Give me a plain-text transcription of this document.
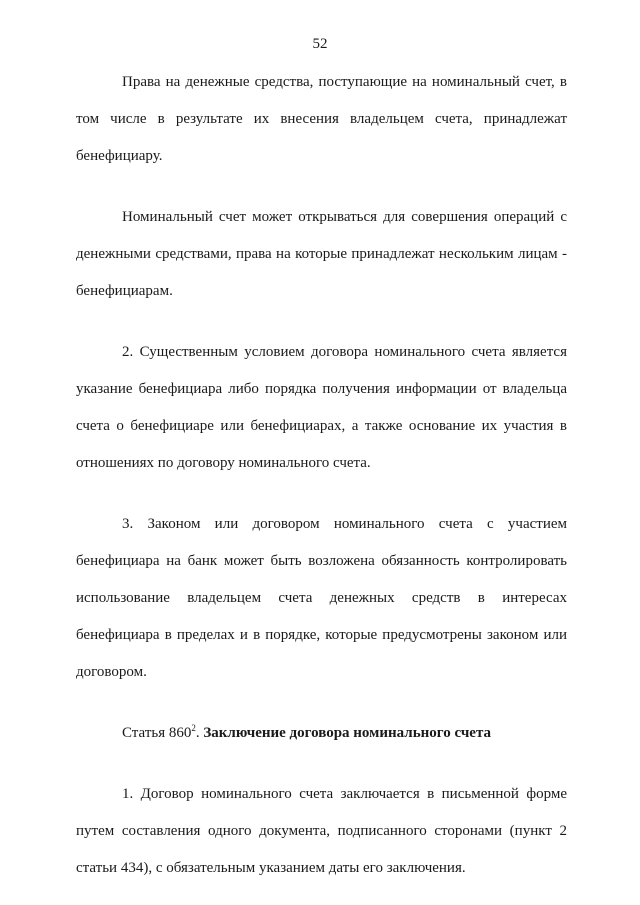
52

Права на денежные средства, поступающие на номинальный счет, в том числе в результате их внесения владельцем счета, принадлежат бенефициару.

Номинальный счет может открываться для совершения операций с денежными средствами, права на которые принадлежат нескольким лицам - бенефициарам.

2. Существенным условием договора номинального счета является указание бенефициара либо порядка получения информации от владельца счета о бенефициаре или бенефициарах, а также основание их участия в отношениях по договору номинального счета.

3. Законом или договором номинального счета с участием бенефициара на банк может быть возложена обязанность контролировать использование владельцем счета денежных средств в интересах бенефициара в пределах и в порядке, которые предусмотрены законом или договором.

Статья $860^2$. Заключение договора номинального счета

1. Договор номинального счета заключается в письменной форме путем составления одного документа, подписанного сторонами (пункт 2 статьи 434), с обязательным указанием даты его заключения.
